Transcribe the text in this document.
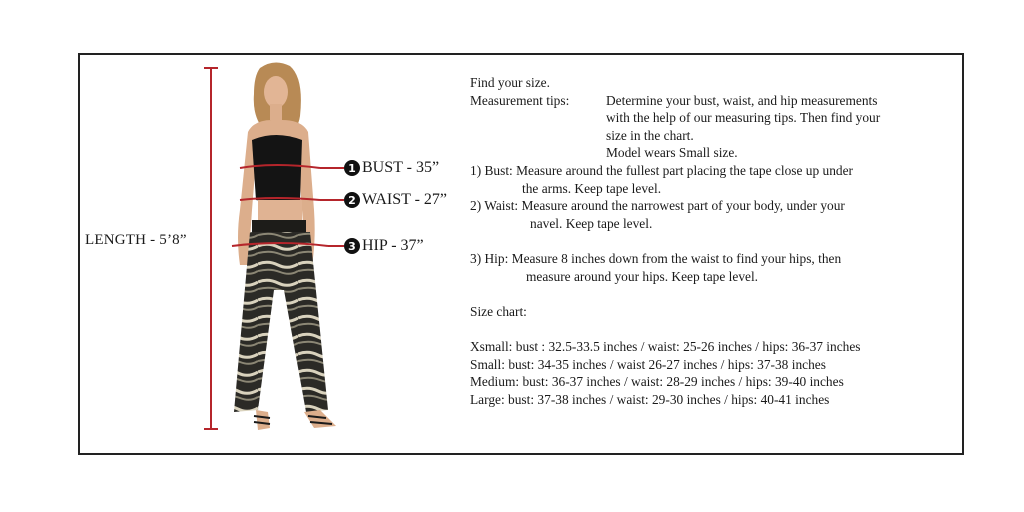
LENGTH - 5’8”
1 BUST - 35”
2 WAIST - 27”
3 HIP - 37”
Find your size.
Measurement tips:	Determine your bust, waist, and hip measurements
with the help of our measuring tips. Then find your
size in the chart.
Model wears Small size.
1) Bust: Measure around the fullest part placing the tape close up under
the arms. Keep tape level.
2) Waist: Measure around the narrowest part of your body, under your
navel. Keep tape level.
3) Hip: Measure 8 inches down from the waist to find your hips, then
measure around your hips. Keep tape level.
Size chart:
Xsmall: bust : 32.5-33.5 inches / waist: 25-26 inches / hips: 36-37 inches
Small: bust: 34-35 inches / waist 26-27 inches / hips: 37-38 inches
Medium: bust: 36-37 inches / waist: 28-29 inches / hips: 39-40 inches
Large: bust: 37-38 inches / waist: 29-30 inches / hips: 40-41 inches
